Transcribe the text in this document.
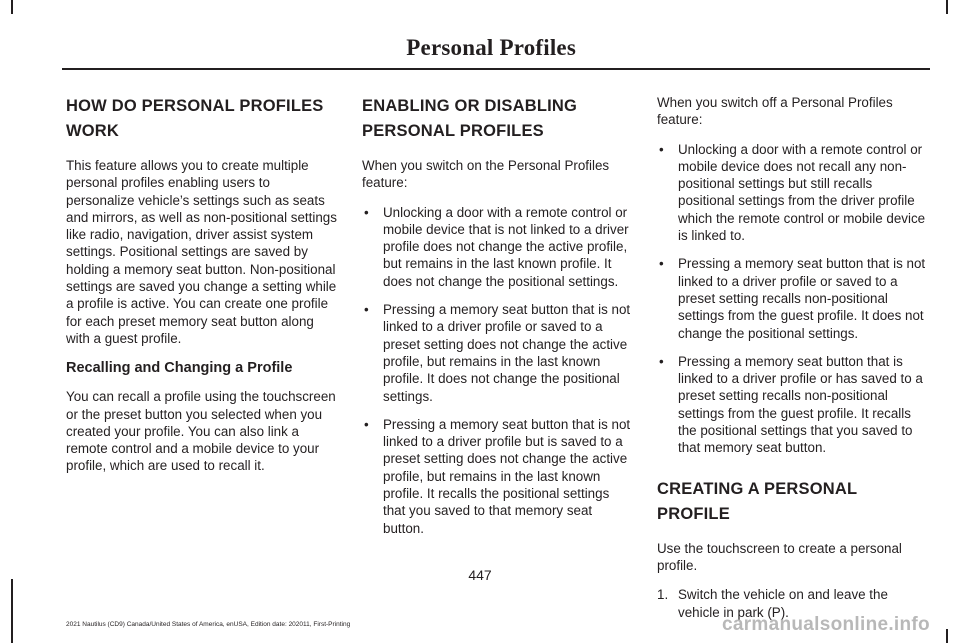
Personal Profiles
HOW DO PERSONAL PROFILES WORK

This feature allows you to create multiple personal profiles enabling users to personalize vehicle’s settings such as seats and mirrors, as well as non-positional settings like radio, navigation, driver assist system settings. Positional settings are saved by holding a memory seat button. Non-positional settings are saved you change a setting while a profile is active. You can create one profile for each preset memory seat button along with a guest profile.

Recalling and Changing a Profile

You can recall a profile using the touchscreen or the preset button you selected when you created your profile. You can also link a remote control and a mobile device to your profile, which are used to recall it.

ENABLING OR DISABLING PERSONAL PROFILES

When you switch on the Personal Profiles feature:

• Unlocking a door with a remote control or mobile device that is not linked to a driver profile does not change the active profile, but remains in the last known profile. It does not change the positional settings.
• Pressing a memory seat button that is not linked to a driver profile or saved to a preset setting does not change the active profile, but remains in the last known profile. It does not change the positional settings.
• Pressing a memory seat button that is not linked to a driver profile but is saved to a preset setting does not change the active profile, but remains in the last known profile. It recalls the positional settings that you saved to that memory seat button.

When you switch off a Personal Profiles feature:

• Unlocking a door with a remote control or mobile device does not recall any non-positional settings but still recalls positional settings from the driver profile which the remote control or mobile device is linked to.
• Pressing a memory seat button that is not linked to a driver profile or saved to a preset setting recalls non-positional settings from the guest profile. It does not change the positional settings.
• Pressing a memory seat button that is linked to a driver profile or has saved to a preset setting recalls non-positional settings from the guest profile. It recalls the positional settings that you saved to that memory seat button.
CREATING A PERSONAL PROFILE

Use the touchscreen to create a personal profile.

1. Switch the vehicle on and leave the vehicle in park (P).
447
2021 Nautilus (CD9) Canada/United States of America, enUSA, Edition date: 202011, First-Printing	carmanualsonline.info
